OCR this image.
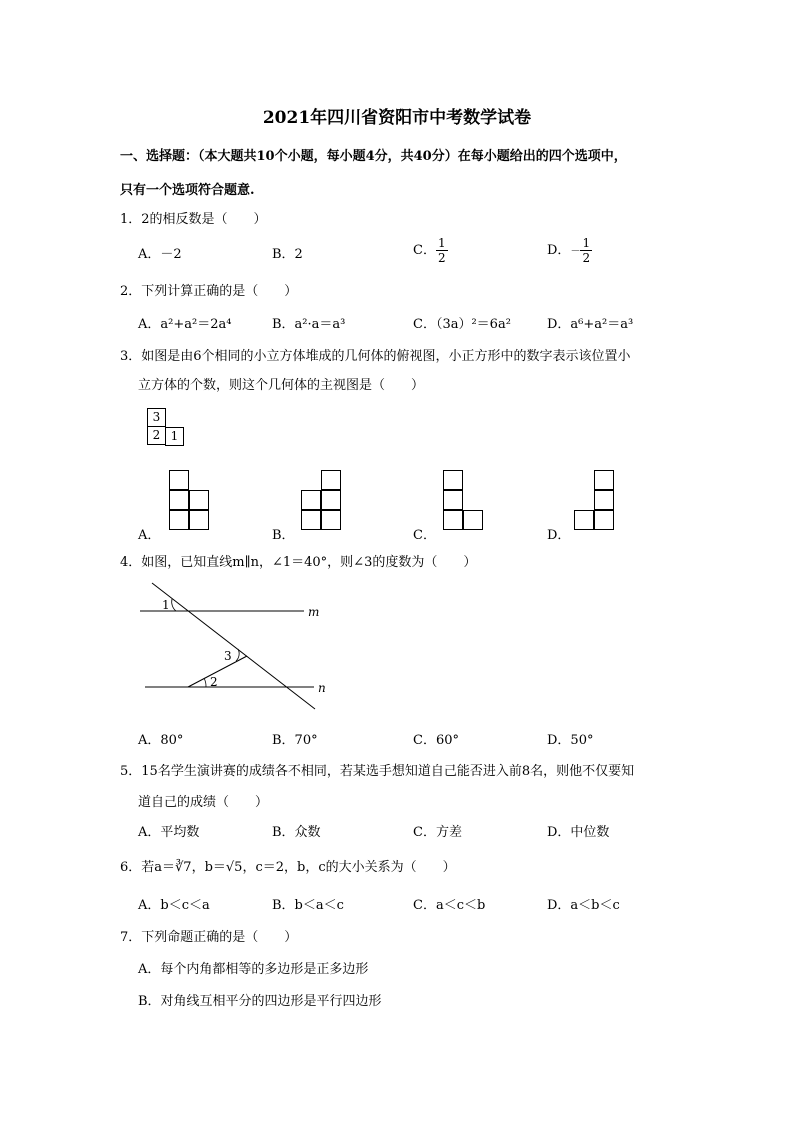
2021年四川省资阳市中考数学试卷
一、选择题：（本大题共10个小题，每小题4分，共40分）在每小题给出的四个选项中，
只有一个选项符合题意.
1．2的相反数是（　　）
A．－2	B．2	C． $\frac{1}{2}$	D．－ $\frac{1}{2}$
2．下列计算正确的是（　　）
A．a²+a²＝2a⁴	B．a²·a＝a³	C．（3a）²＝6a²	D．a⁶+a²＝a³
3．如图是由6个相同的小立方体堆成的几何体的俯视图，小正方形中的数字表示该位置小
立方体的个数，则这个几何体的主视图是（　　）
3
2 1
A．	B．	C．	D．
4．如图，已知直线m∥n，∠1＝40°，则∠3的度数为（　　）
m
n
1
2
3
A．80°	B．70°	C．60°	D．50°
5．15名学生演讲赛的成绩各不相同，若某选手想知道自己能否进入前8名，则他不仅要知
道自己的成绩（　　）
A．平均数	B．众数	C．方差	D．中位数
6．若a＝∛7，b＝√5，c＝2，b，c的大小关系为（　　）
A．b＜c＜a	B．b＜a＜c	C．a＜c＜b	D．a＜b＜c
7．下列命题正确的是（　　）
A．每个内角都相等的多边形是正多边形
B．对角线互相平分的四边形是平行四边形
